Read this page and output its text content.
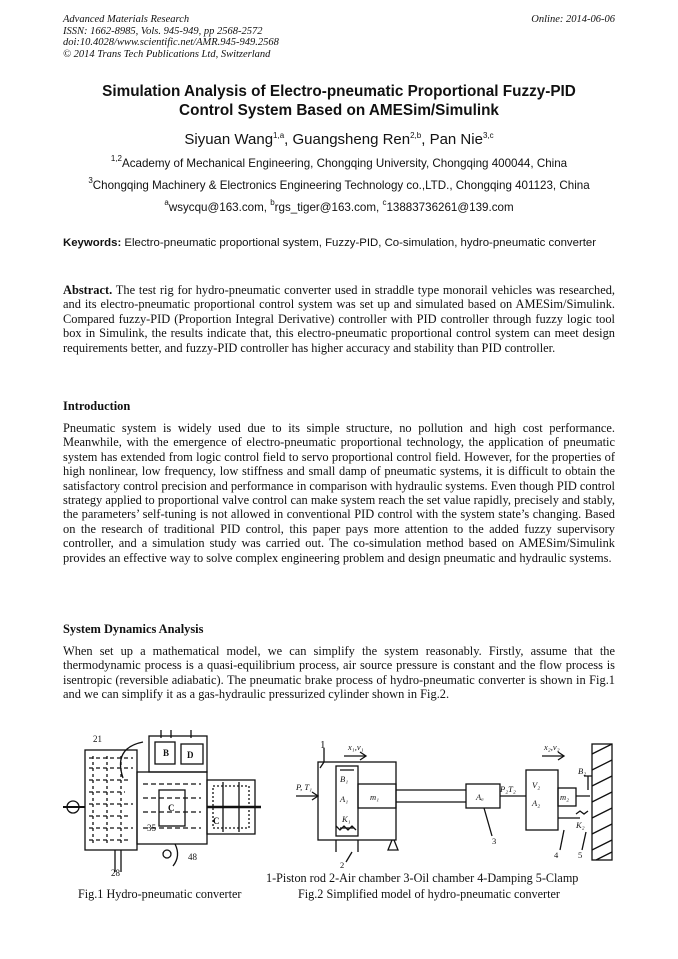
Advanced Materials Research
ISSN: 1662-8985, Vols. 945-949, pp 2568-2572
doi:10.4028/www.scientific.net/AMR.945-949.2568
© 2014 Trans Tech Publications Ltd, Switzerland
Online: 2014-06-06
Simulation Analysis of Electro-pneumatic Proportional Fuzzy-PID
Control System Based on AMESim/Simulink
Siyuan Wang$^{1,a}$, Guangsheng Ren$^{2,b}$, Pan Nie$^{3,c}$
$^{1,2}$Academy of Mechanical Engineering, Chongqing University, Chongqing 400044, China
$^3$Chongqing Machinery & Electronics Engineering Technology co.,LTD., Chongqing 401123, China
$^a$wsycqu@163.com, $^b$rgs_tiger@163.com, $^c$13883736261@139.com
Keywords: Electro-pneumatic proportional system, Fuzzy-PID, Co-simulation, hydro-pneumatic converter
Abstract. The test rig for hydro-pneumatic converter used in straddle type monorail vehicles was researched, and its electro-pneumatic proportional control system was set up and simulated based on AMESim/Simulink. Compared fuzzy-PID (Proportion Integral Derivative) controller with PID controller through fuzzy logic tool box in Simulink, the results indicate that, this electro-pneumatic proportional control system can meet design requirements better, and fuzzy-PID controller has higher accuracy and stability than PID controller.
Introduction
Pneumatic system is widely used due to its simple structure, no pollution and high cost performance. Meanwhile, with the emergence of electro-pneumatic proportional technology, the application of pneumatic system has extended from logic control field to servo proportional control field. However, for the properties of high nonlinear, low frequency, low stiffness and small damp of pneumatic systems, it is difficult to obtain the satisfactory control precision and performance in comparison with hydraulic systems. Even though PID control strategy applied to proportional valve control can make system reach the set value rapidly, precisely and stably, the parameters’ self-tuning is not allowed in conventional PID control with the system state’s changing. Based on the research of traditional PID control, this paper pays more attention to the added fuzzy supervisory controller, and a simulation study was carried out. The co-simulation method based on AMESim/Simulink provides an effective way to solve complex engineering problem and design pneumatic and hydraulic systems.
System Dynamics Analysis
When set up a mathematical model, we can simplify the system reasonably. Firstly, assume that the thermodynamic process is a quasi-equilibrium process, air source pressure is constant and the flow process is isentropic (reversible adiabatic). The pneumatic brake process of hydro-pneumatic converter is shown in Fig.1 and we can simplify it as a gas-hydraulic pressurized cylinder shown in Fig.2.
21
35
48
28
B D
C
C
Fig.1 Hydro-pneumatic converter
1	x₁,v₁
B₁
A₁
K₁
m₁
P, T₁
Aₐ
P₂T₂ V₂
A₂
m₂
x₂,v₂
B₂
K₂
2
3
4 5
1-Piston rod 2-Air chamber 3-Oil chamber 4-Damping 5-Clamp
Fig.2 Simplified model of hydro-pneumatic converter
